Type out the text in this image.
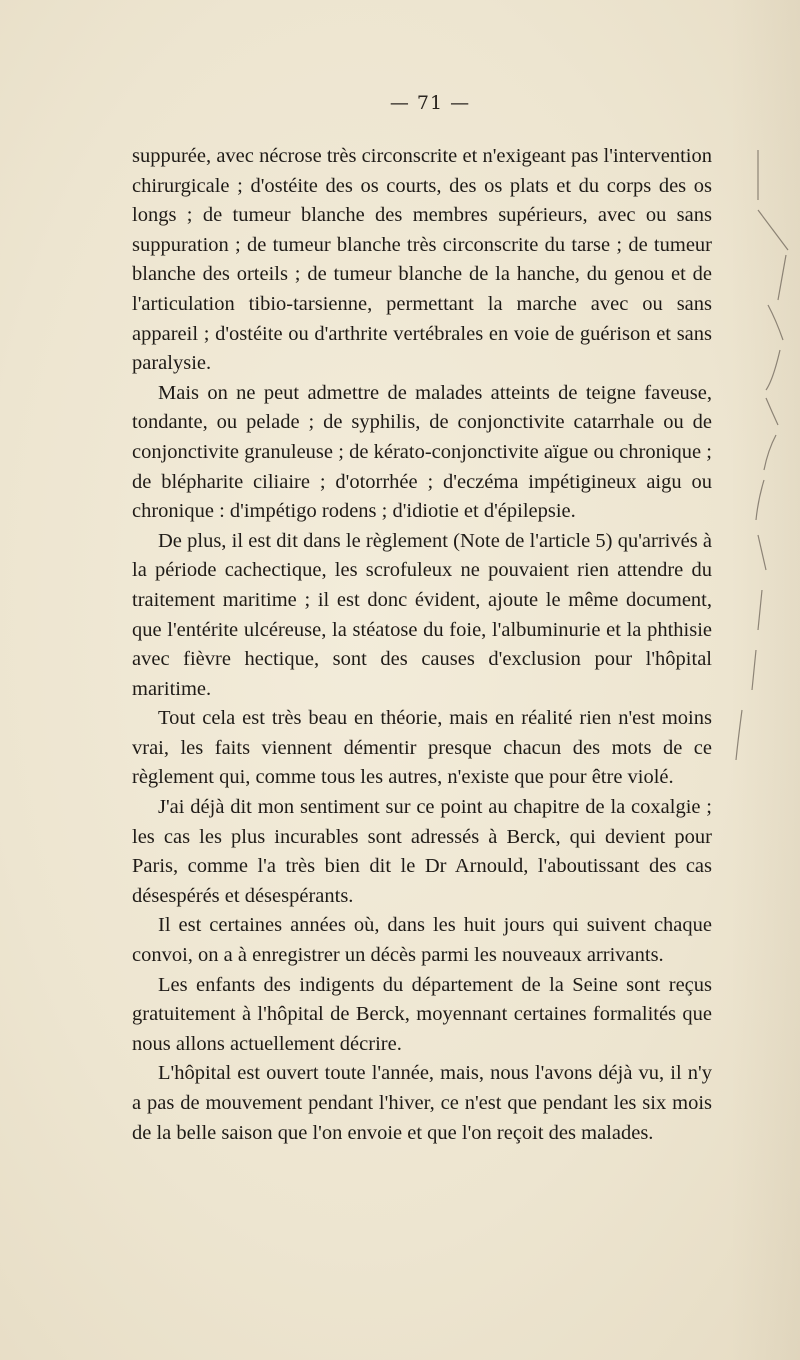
— 71 —

suppurée, avec nécrose très circonscrite et n'exigeant pas l'intervention chirurgicale ; d'ostéite des os courts, des os plats et du corps des os longs ; de tumeur blanche des membres supérieurs, avec ou sans suppuration ; de tumeur blanche très circonscrite du tarse ; de tumeur blanche des orteils ; de tumeur blanche de la hanche, du genou et de l'articulation tibio-tarsienne, permettant la marche avec ou sans appareil ; d'ostéite ou d'arthrite vertébrales en voie de guérison et sans paralysie.

Mais on ne peut admettre de malades atteints de teigne faveuse, tondante, ou pelade ; de syphilis, de conjonctivite catarrhale ou de conjonctivite granuleuse ; de kérato-conjonctivite aïgue ou chronique ; de blépharite ciliaire ; d'otorrhée ; d'eczéma impétigineux aigu ou chronique : d'impétigo rodens ; d'idiotie et d'épilepsie.

De plus, il est dit dans le règlement (Note de l'article 5) qu'arrivés à la période cachectique, les scrofuleux ne pouvaient rien attendre du traitement maritime ; il est donc évident, ajoute le même document, que l'entérite ulcéreuse, la stéatose du foie, l'albuminurie et la phthisie avec fièvre hectique, sont des causes d'exclusion pour l'hôpital maritime.

Tout cela est très beau en théorie, mais en réalité rien n'est moins vrai, les faits viennent démentir presque chacun des mots de ce règlement qui, comme tous les autres, n'existe que pour être violé.

J'ai déjà dit mon sentiment sur ce point au chapitre de la coxalgie ; les cas les plus incurables sont adressés à Berck, qui devient pour Paris, comme l'a très bien dit le Dr Arnould, l'aboutissant des cas désespérés et désespérants.

Il est certaines années où, dans les huit jours qui suivent chaque convoi, on a à enregistrer un décès parmi les nouveaux arrivants.

Les enfants des indigents du département de la Seine sont reçus gratuitement à l'hôpital de Berck, moyennant certaines formalités que nous allons actuellement décrire.

L'hôpital est ouvert toute l'année, mais, nous l'avons déjà vu, il n'y a pas de mouvement pendant l'hiver, ce n'est que pendant les six mois de la belle saison que l'on envoie et que l'on reçoit des malades.
